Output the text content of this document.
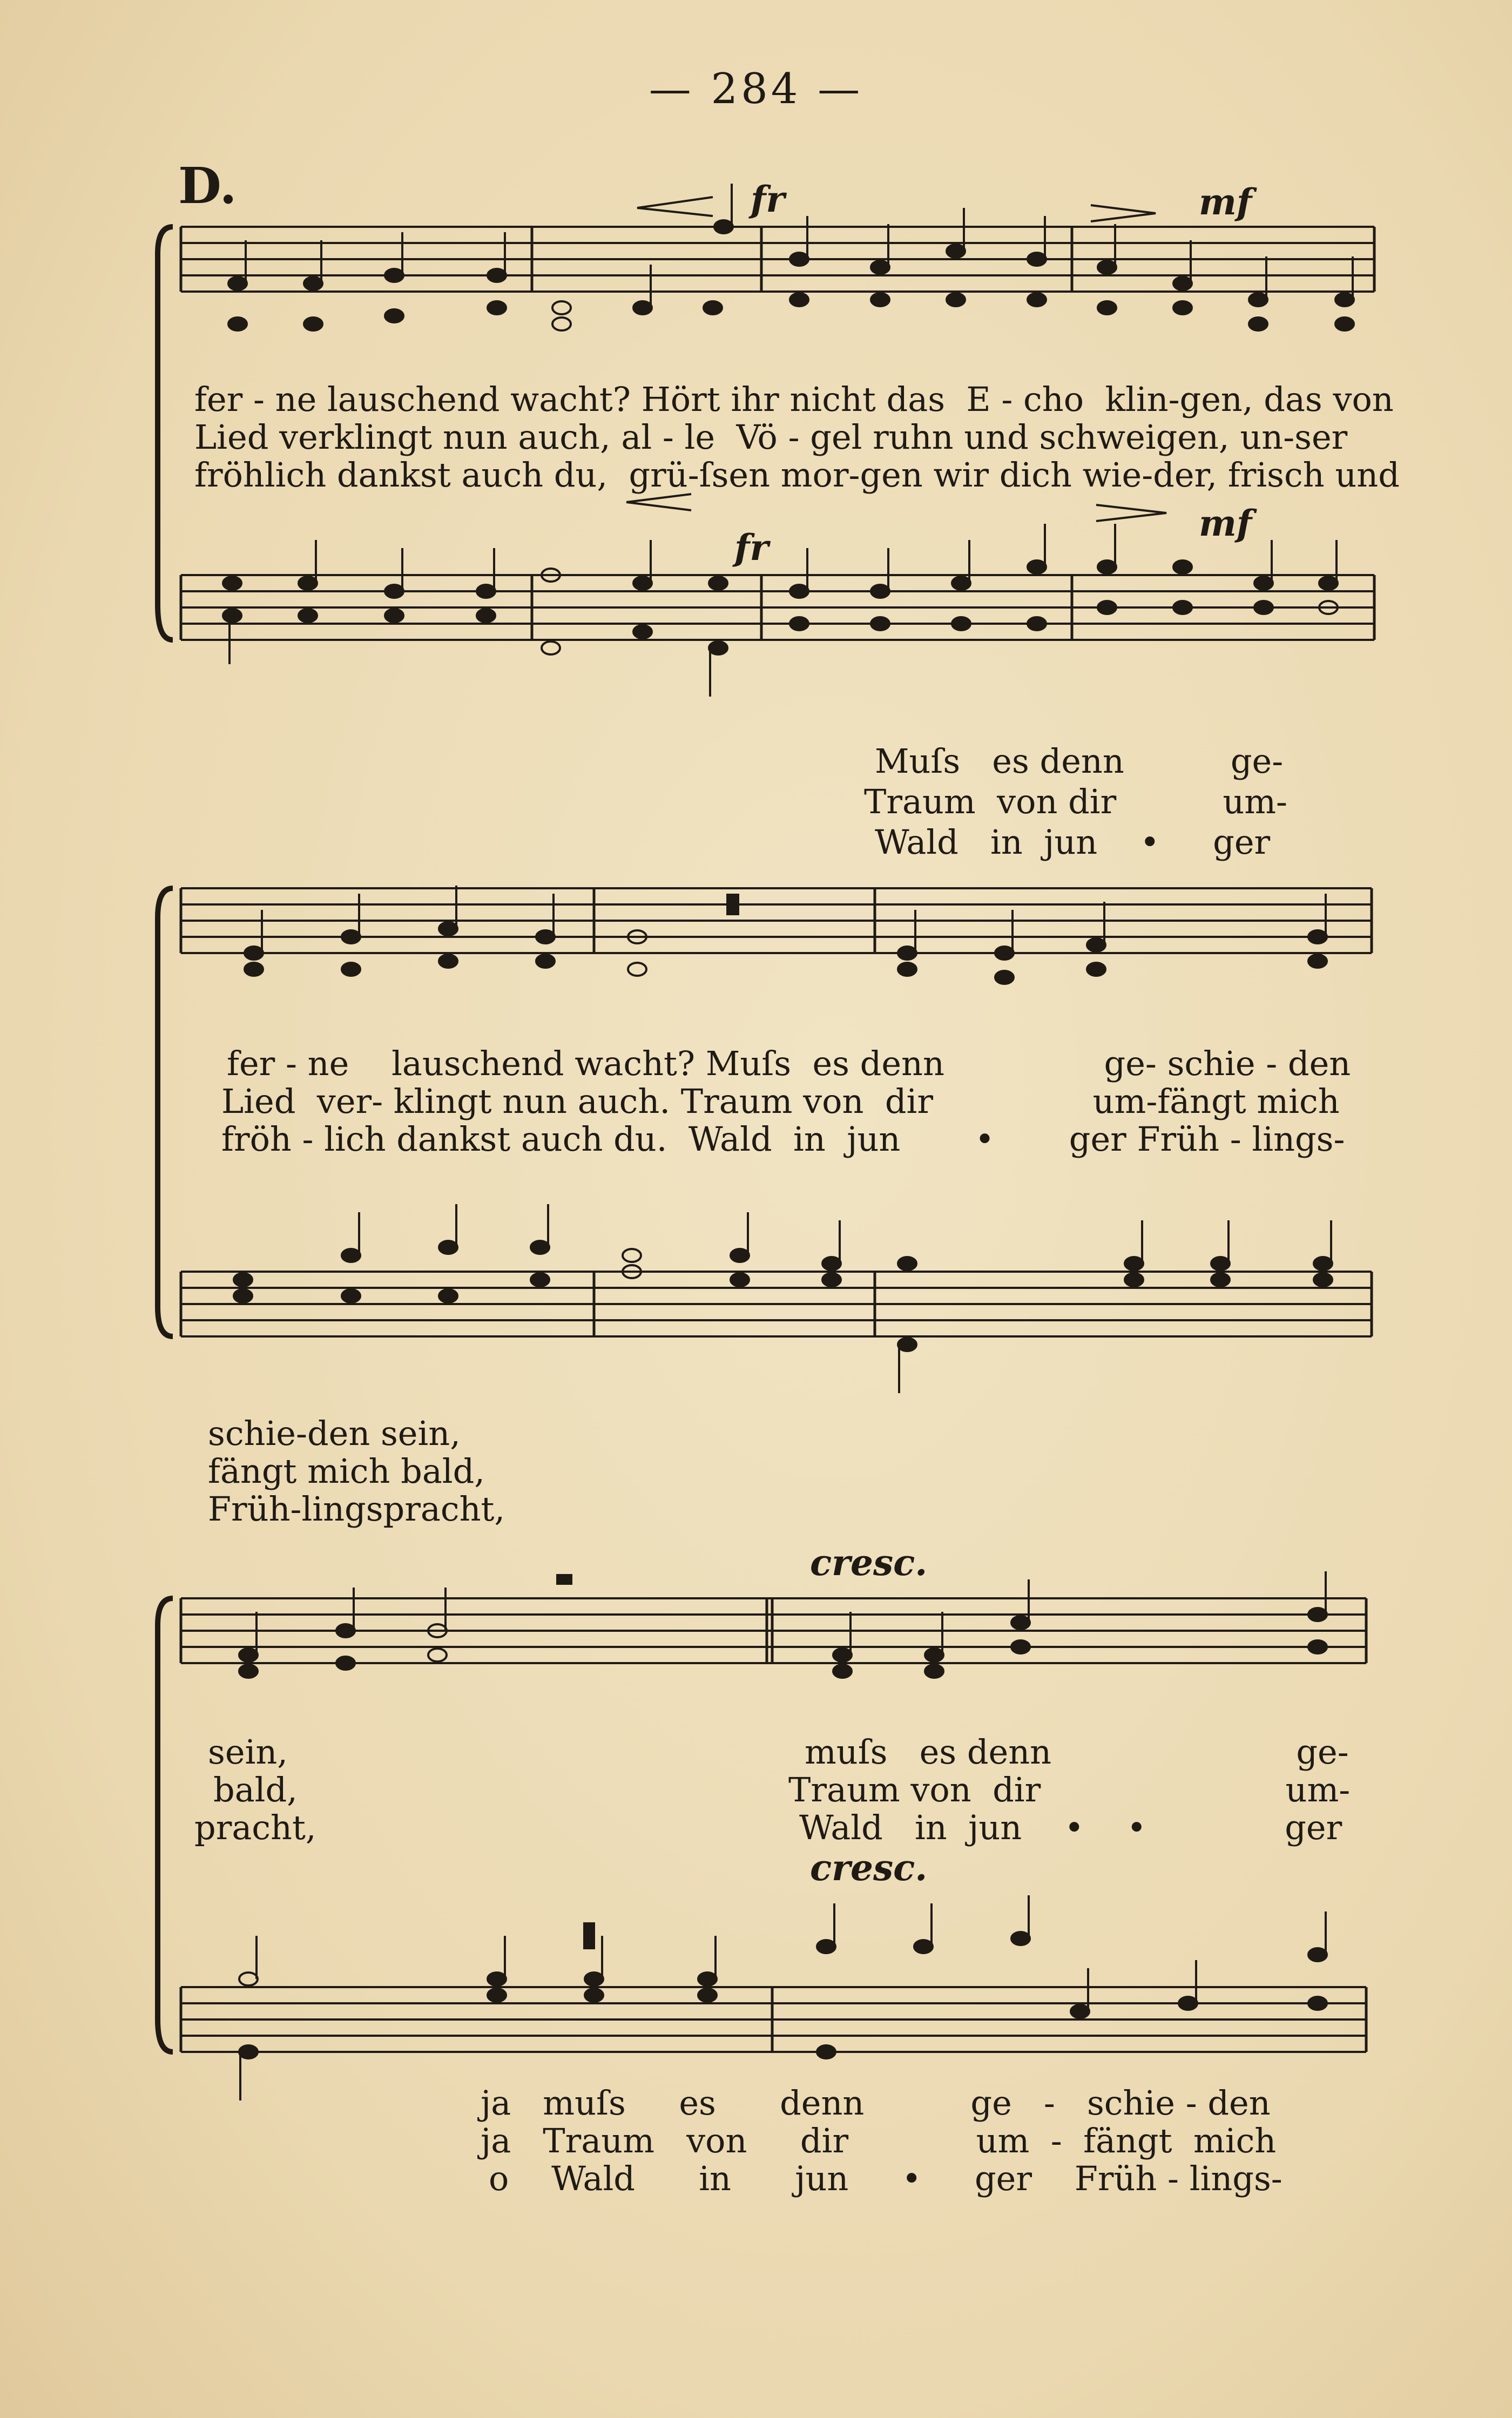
— 284 —
D.	fr	mf
fr
mf
cresc.
cresc.
fer - ne lauschend wacht? Hört ihr nicht das  E - cho  klin-gen, das von
Lied verklingt nun auch, al - le  Vö - gel ruhn und schweigen, un-ser
fröhlich dankst auch du,  grü-ſsen mor-gen wir dich wie-der, frisch und
Muſs   es denn          ge-
Traum  von dir          um-
Wald   in  jun    •     ger
fer - ne    lauschend wacht? Muſs  es denn               ge- schie - den
Lied  ver- klingt nun auch. Traum von  dir               um-fängt mich
fröh - lich dankst auch du.  Wald  in  jun       •       ger Früh - lings-
schie-den sein,
fängt mich bald,
Früh-lingspracht,
sein,
bald,
pracht,
muſs   es denn                       ge-
Traum von  dir                       um-
Wald   in  jun    •    •             ger
ja   muſs     es      denn          ge   -   schie - den
ja   Traum   von     dir            um  -  fängt  mich
o    Wald      in      jun     •     ger    Früh - lings-
